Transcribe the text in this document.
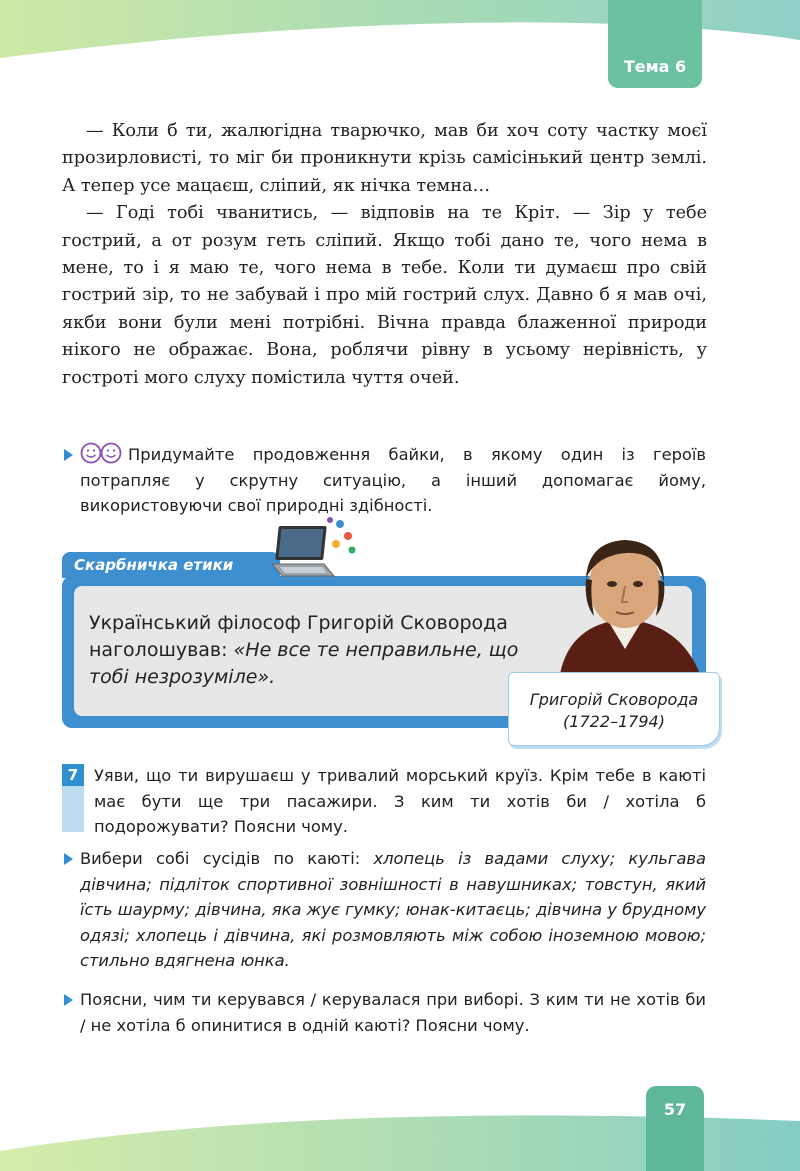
Тема 6

— Коли б ти, жалюгідна тварючко, мав би хоч соту частку моєї прозирловисті, то міг би проникнути крізь самісінький центр землі. А тепер усе мацаєш, сліпий, як нічка темна…

— Годі тобі чванитись, — відповів на те Кріт. — Зір у тебе гострий, а от розум геть сліпий. Якщо тобі дано те, чого нема в мене, то і я маю те, чого нема в тебе. Коли ти думаєш про свій гострий зір, то не забувай і про мій гострий слух. Давно б я мав очі, якби вони були мені потрібні. Вічна правда блаженної природи нікого не ображає. Вона, роблячи рівну в усьому нерівність, у гостроті мого слуху помістила чуття очей.

Придумайте продовження байки, в якому один із героїв потрапляє у скрутну ситуацію, а інший допомагає йому, використовуючи свої природні здібності.
Скарбничка етики
Український філософ Григорій Сковорода наголошував: «Не все те неправильне, що тобі незрозуміле».
Григорій Сковорода
(1722–1794)
7 Уяви, що ти вирушаєш у тривалий морський круїз. Крім тебе в каюті має бути ще три пасажири. З ким ти хотів би / хотіла б подорожувати? Поясни чому.
Вибери собі сусідів по каюті: хлопець із вадами слуху; кульгава дівчина; підліток спортивної зовнішності в навушниках; товстун, який їсть шаурму; дівчина, яка жує гумку; юнак-китаєць; дівчина у брудному одязі; хлопець і дівчина, які розмовляють між собою іноземною мовою; стильно вдягнена юнка.
Поясни, чим ти керувався / керувалася при виборі. З ким ти не хотів би / не хотіла б опинитися в одній каюті? Поясни чому.
57
